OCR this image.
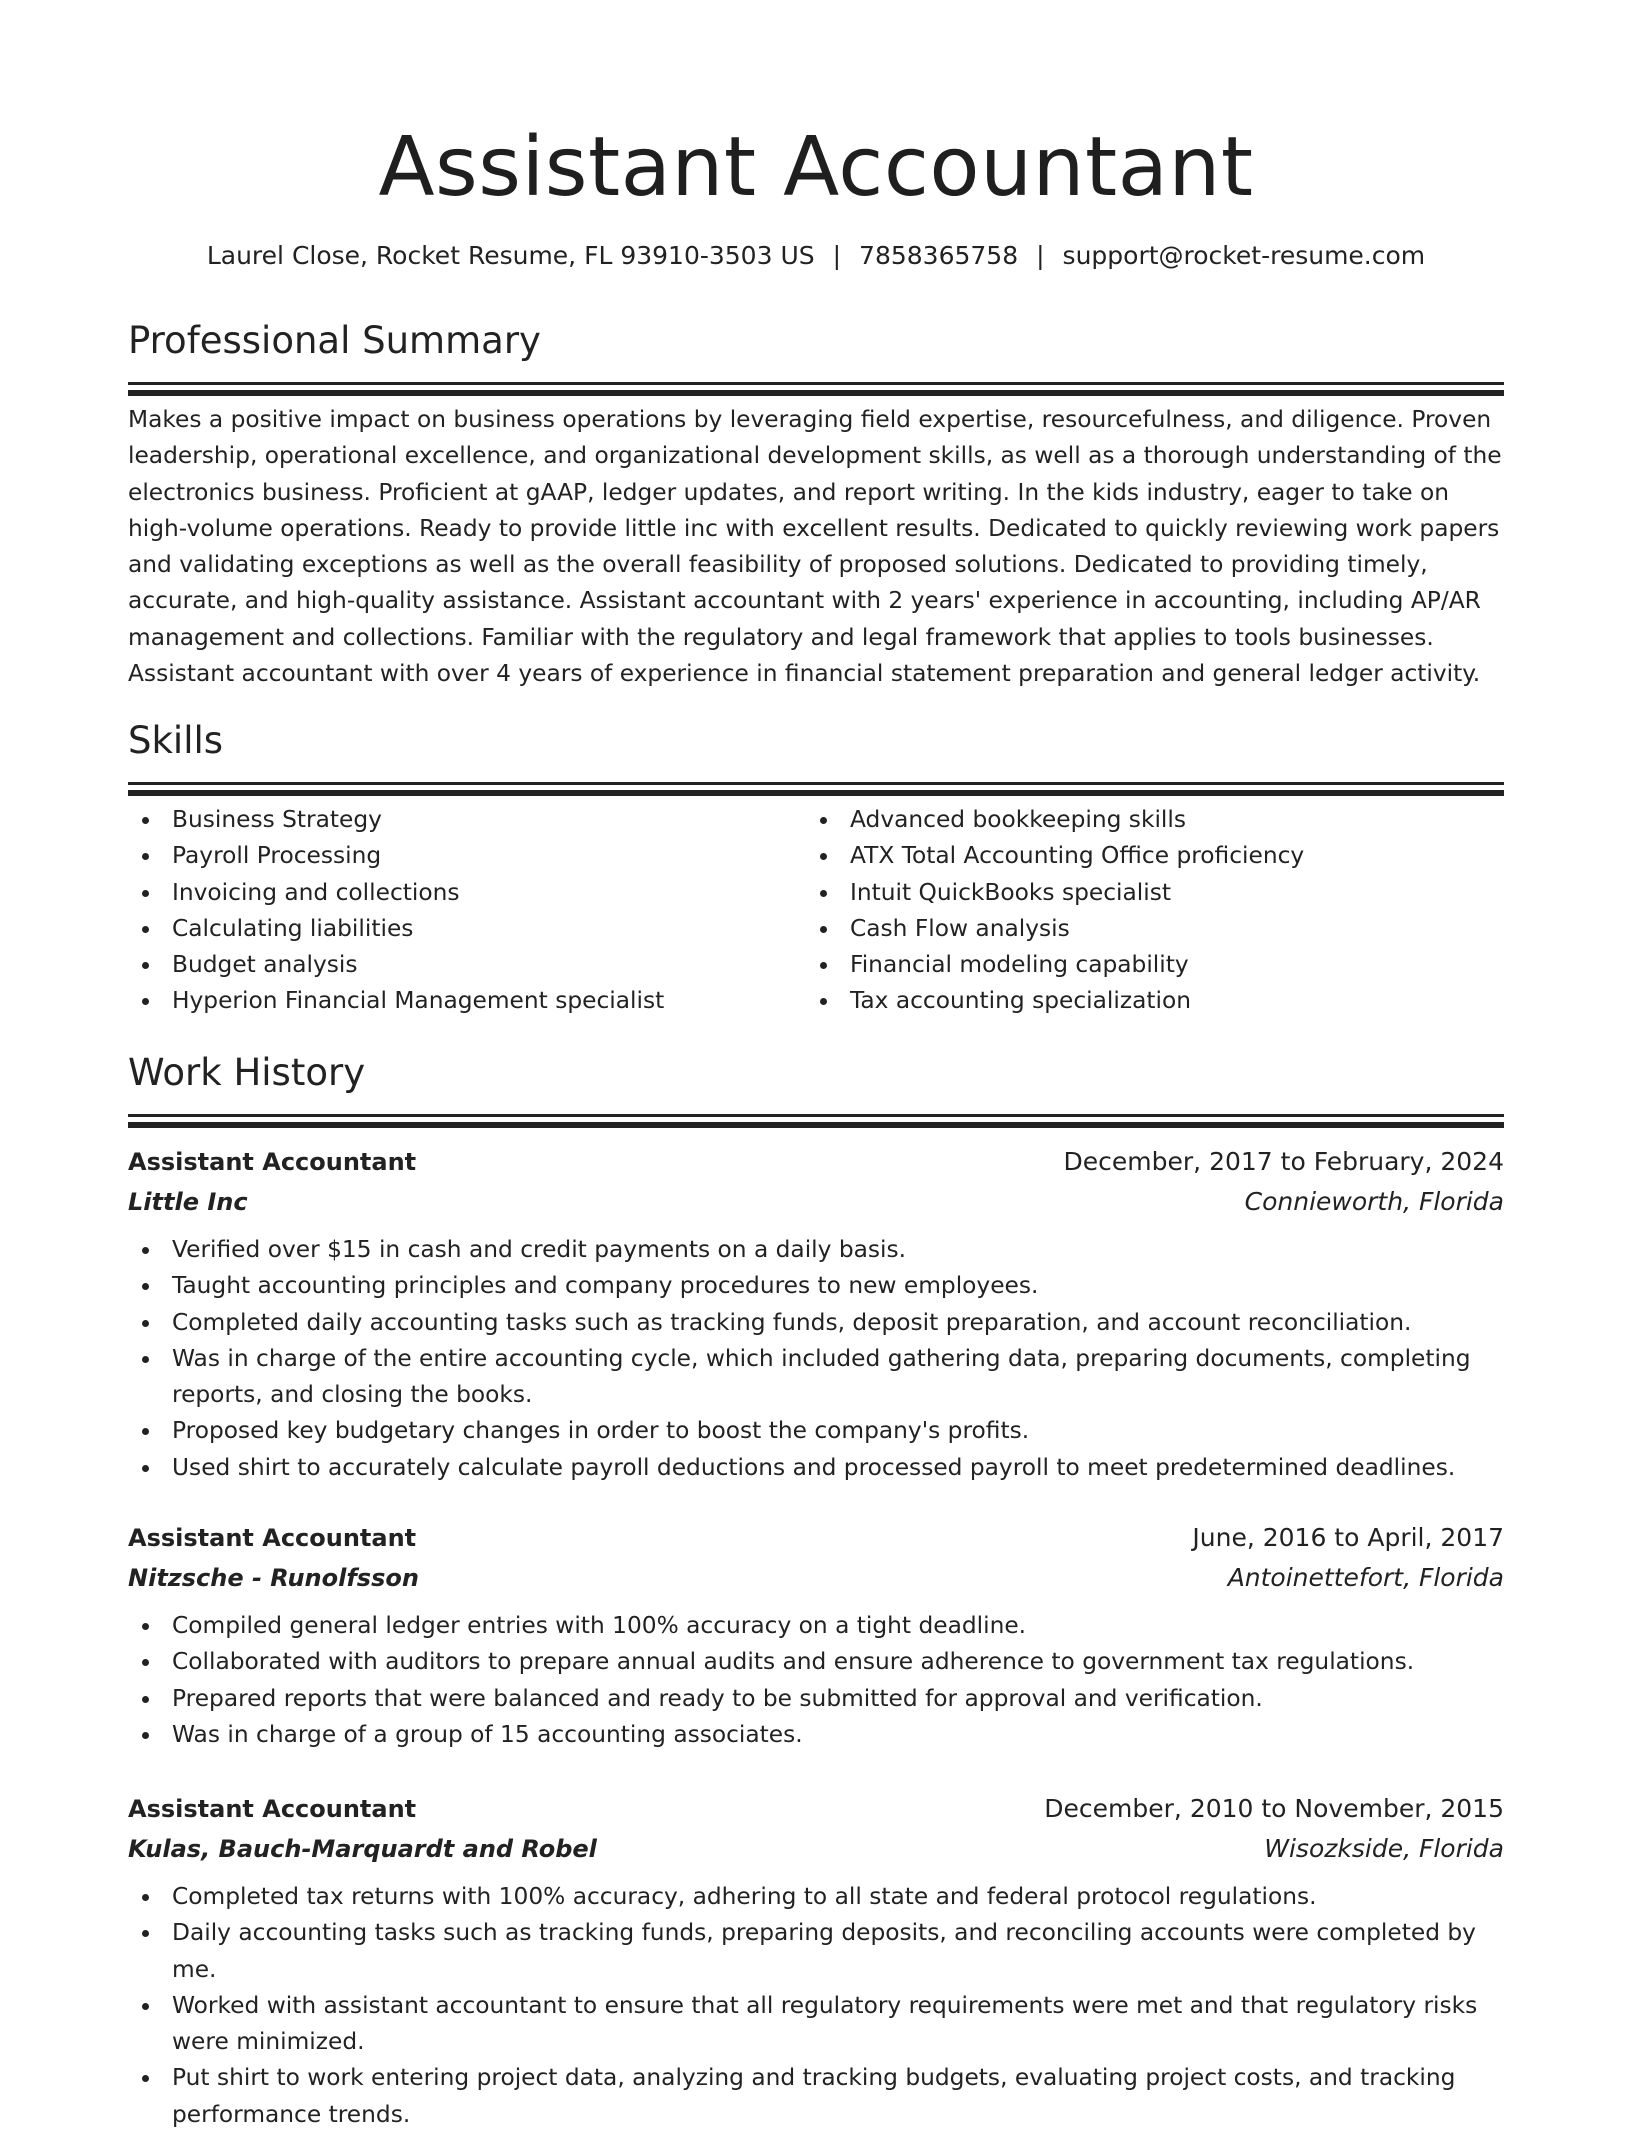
Assistant Accountant
Laurel Close, Rocket Resume, FL 93910-3503 US | 7858365758 | support@rocket-resume.com
Professional Summary

Makes a positive impact on business operations by leveraging field expertise, resourcefulness, and diligence. Proven leadership, operational excellence, and organizational development skills, as well as a thorough understanding of the electronics business. Proficient at gAAP, ledger updates, and report writing. In the kids industry, eager to take on high-volume operations. Ready to provide little inc with excellent results. Dedicated to quickly reviewing work papers and validating exceptions as well as the overall feasibility of proposed solutions. Dedicated to providing timely, accurate, and high-quality assistance. Assistant accountant with 2 years' experience in accounting, including AP/AR management and collections. Familiar with the regulatory and legal framework that applies to tools businesses. Assistant accountant with over 4 years of experience in financial statement preparation and general ledger activity.

Skills
Business Strategy
Payroll Processing
Invoicing and collections
Calculating liabilities
Budget analysis
Hyperion Financial Management specialist
Advanced bookkeeping skills
ATX Total Accounting Office proficiency
Intuit QuickBooks specialist
Cash Flow analysis
Financial modeling capability
Tax accounting specialization
Work History
Assistant Accountant	December, 2017 to February, 2024
Little Inc	Connieworth, Florida
Verified over $15 in cash and credit payments on a daily basis.
Taught accounting principles and company procedures to new employees.
Completed daily accounting tasks such as tracking funds, deposit preparation, and account reconciliation.
Was in charge of the entire accounting cycle, which included gathering data, preparing documents, completing reports, and closing the books.
Proposed key budgetary changes in order to boost the company's profits.
Used shirt to accurately calculate payroll deductions and processed payroll to meet predetermined deadlines.
Assistant Accountant	June, 2016 to April, 2017
Nitzsche - Runolfsson	Antoinettefort, Florida
Compiled general ledger entries with 100% accuracy on a tight deadline.
Collaborated with auditors to prepare annual audits and ensure adherence to government tax regulations.
Prepared reports that were balanced and ready to be submitted for approval and verification.
Was in charge of a group of 15 accounting associates.
Assistant Accountant	December, 2010 to November, 2015
Kulas, Bauch-Marquardt and Robel	Wisozkside, Florida
Completed tax returns with 100% accuracy, adhering to all state and federal protocol regulations.
Daily accounting tasks such as tracking funds, preparing deposits, and reconciling accounts were completed by me.
Worked with assistant accountant to ensure that all regulatory requirements were met and that regulatory risks were minimized.
Put shirt to work entering project data, analyzing and tracking budgets, evaluating project costs, and tracking performance trends.
